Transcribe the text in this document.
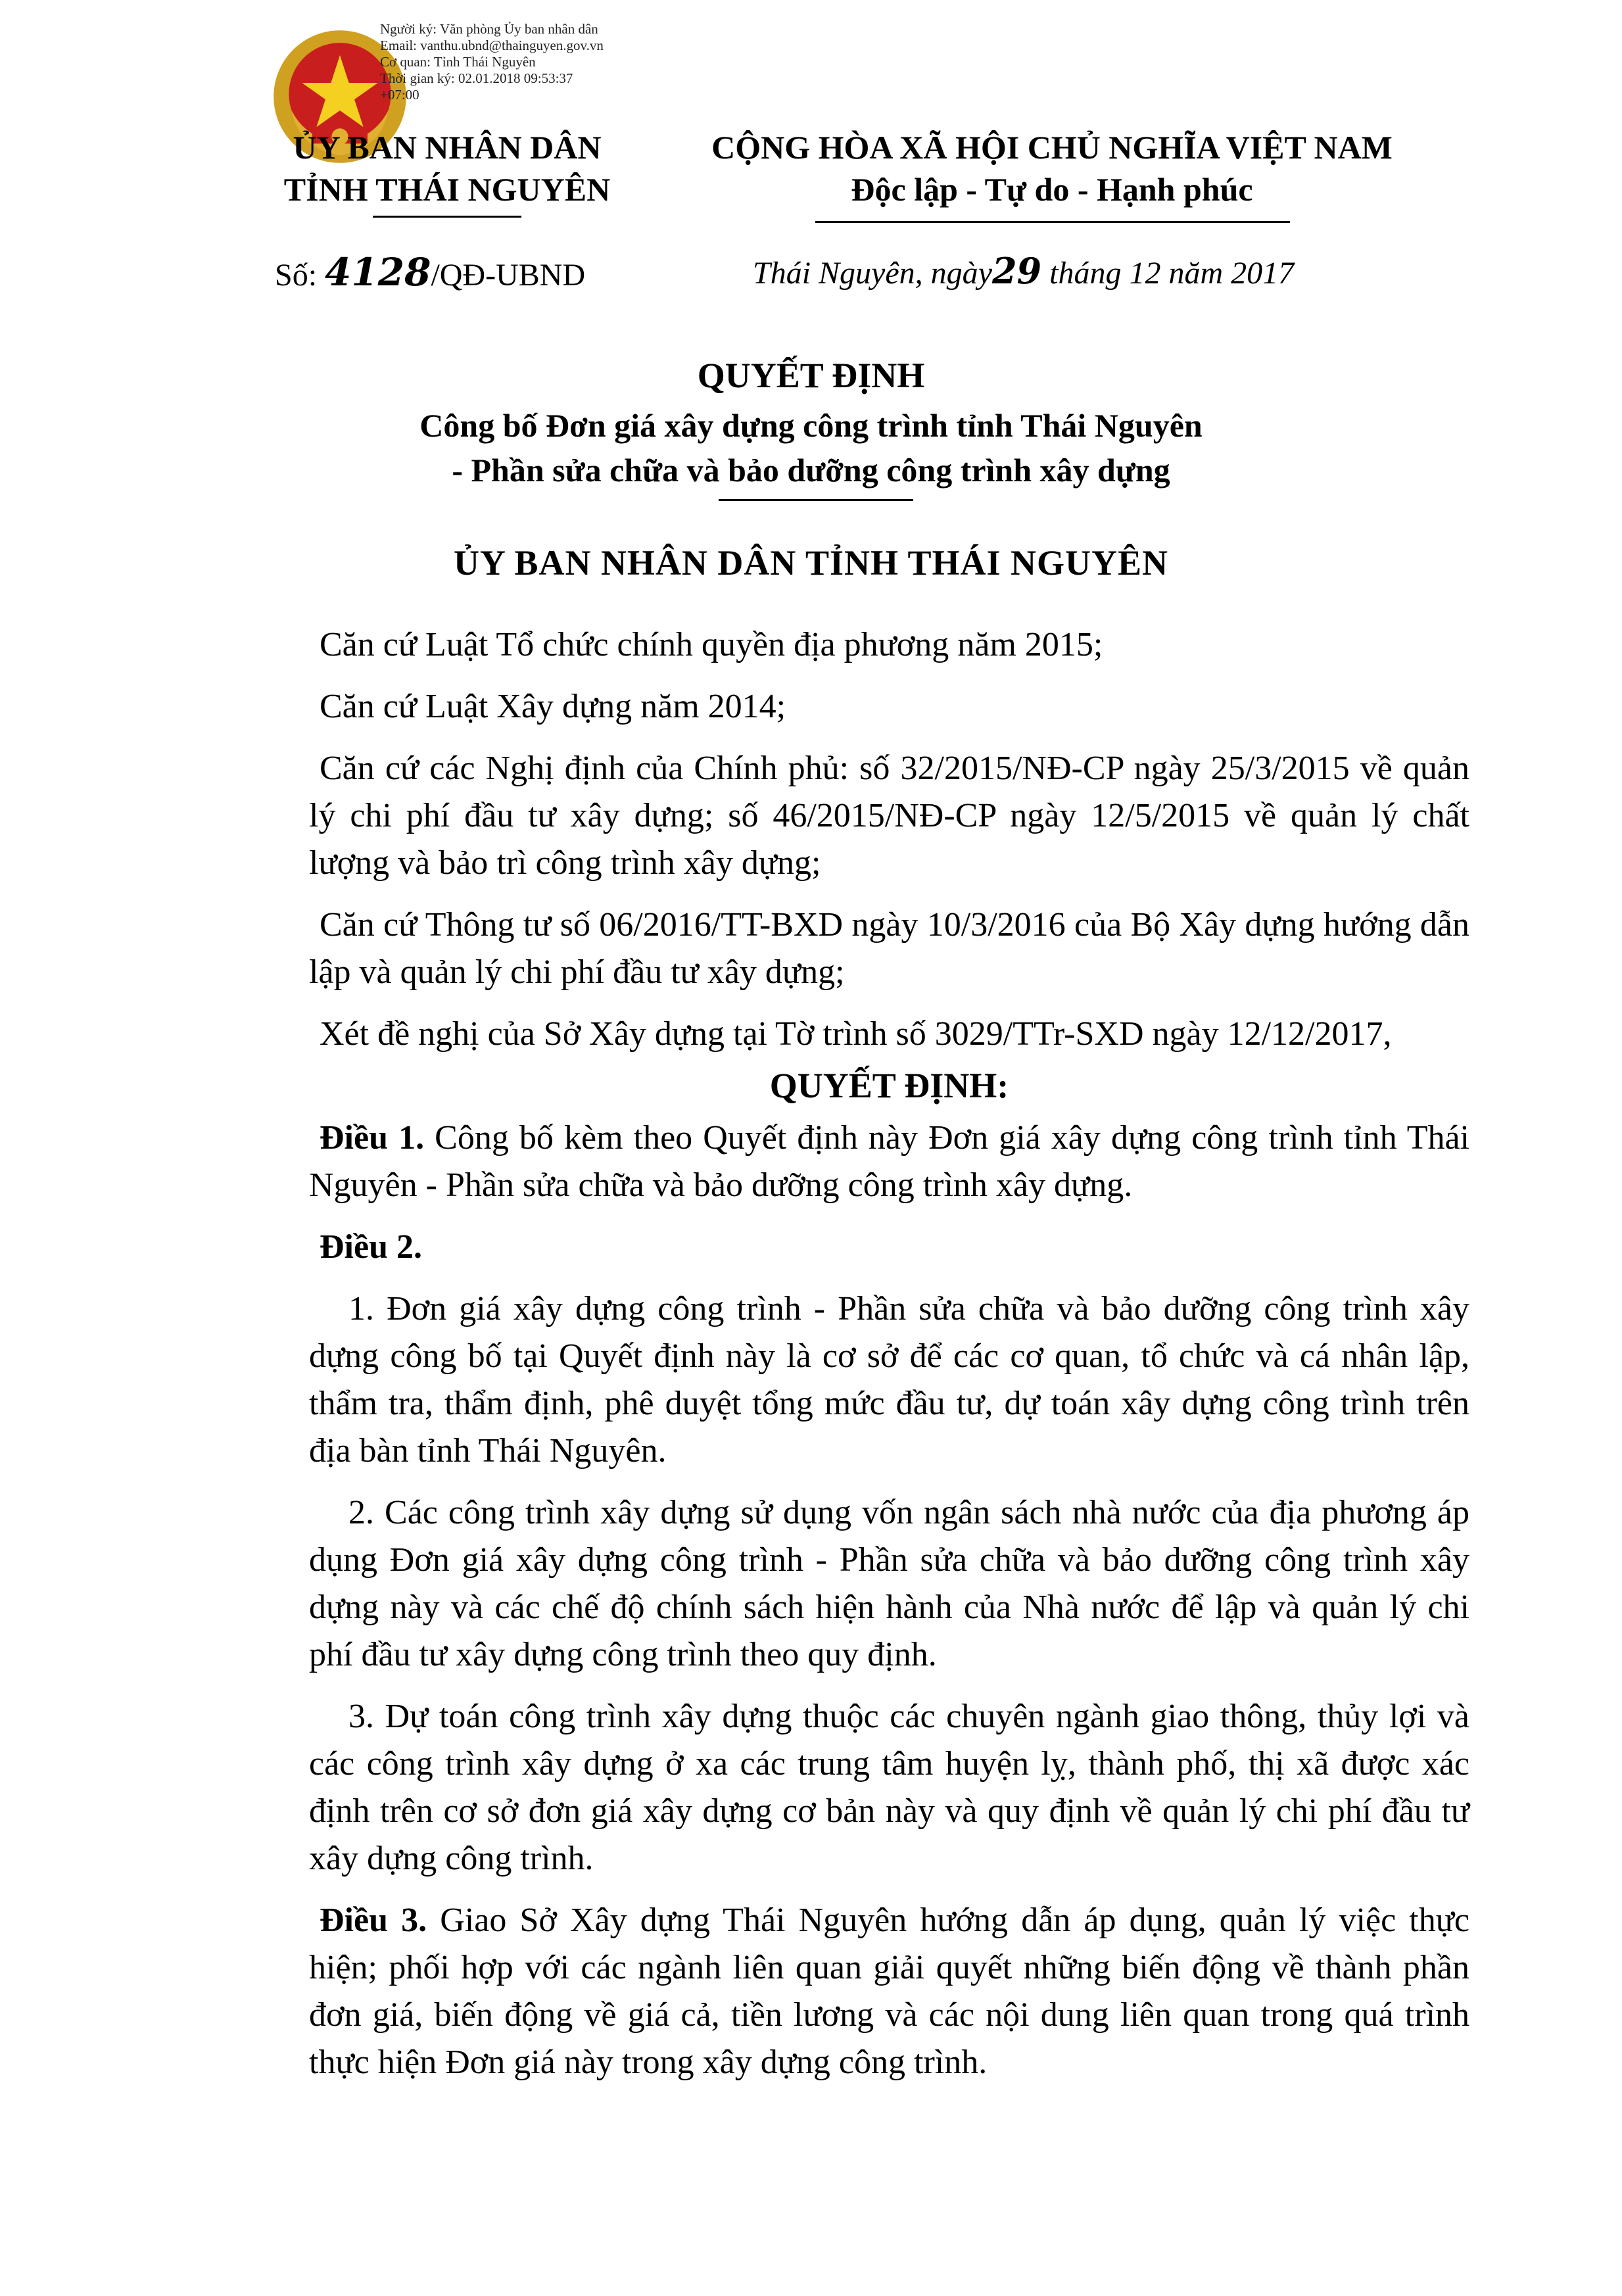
Người ký: Văn phòng Ủy ban nhân dân
Email: vanthu.ubnd@thainguyen.gov.vn
Cơ quan: Tỉnh Thái Nguyên
Thời gian ký: 02.01.2018 09:53:37
+07:00
ỦY BAN NHÂN DÂN
TỈNH THÁI NGUYÊN
CỘNG HÒA XÃ HỘI CHỦ NGHĨA VIỆT NAM
Độc lập - Tự do - Hạnh phúc
Số: 4128/QĐ-UBND	Thái Nguyên, ngày29 tháng 12 năm 2017
QUYẾT ĐỊNH
Công bố Đơn giá xây dựng công trình tỉnh Thái Nguyên
- Phần sửa chữa và bảo dưỡng công trình xây dựng
ỦY BAN NHÂN DÂN TỈNH THÁI NGUYÊN

Căn cứ Luật Tổ chức chính quyền địa phương năm 2015;

Căn cứ Luật Xây dựng năm 2014;

Căn cứ các Nghị định của Chính phủ: số 32/2015/NĐ-CP ngày 25/3/2015 về quản lý chi phí đầu tư xây dựng; số 46/2015/NĐ-CP ngày 12/5/2015 về quản lý chất lượng và bảo trì công trình xây dựng;

Căn cứ Thông tư số 06/2016/TT-BXD ngày 10/3/2016 của Bộ Xây dựng hướng dẫn lập và quản lý chi phí đầu tư xây dựng;

Xét đề nghị của Sở Xây dựng tại Tờ trình số 3029/TTr-SXD ngày 12/12/2017,

QUYẾT ĐỊNH:

Điều 1. Công bố kèm theo Quyết định này Đơn giá xây dựng công trình tỉnh Thái Nguyên - Phần sửa chữa và bảo dưỡng công trình xây dựng.

Điều 2.

1. Đơn giá xây dựng công trình - Phần sửa chữa và bảo dưỡng công trình xây dựng công bố tại Quyết định này là cơ sở để các cơ quan, tổ chức và cá nhân lập, thẩm tra, thẩm định, phê duyệt tổng mức đầu tư, dự toán xây dựng công trình trên địa bàn tỉnh Thái Nguyên.

2. Các công trình xây dựng sử dụng vốn ngân sách nhà nước của địa phương áp dụng Đơn giá xây dựng công trình - Phần sửa chữa và bảo dưỡng công trình xây dựng này và các chế độ chính sách hiện hành của Nhà nước để lập và quản lý chi phí đầu tư xây dựng công trình theo quy định.

3. Dự toán công trình xây dựng thuộc các chuyên ngành giao thông, thủy lợi và các công trình xây dựng ở xa các trung tâm huyện lỵ, thành phố, thị xã được xác định trên cơ sở đơn giá xây dựng cơ bản này và quy định về quản lý chi phí đầu tư xây dựng công trình.

Điều 3. Giao Sở Xây dựng Thái Nguyên hướng dẫn áp dụng, quản lý việc thực hiện; phối hợp với các ngành liên quan giải quyết những biến động về thành phần đơn giá, biến động về giá cả, tiền lương và các nội dung liên quan trong quá trình thực hiện Đơn giá này trong xây dựng công trình.
